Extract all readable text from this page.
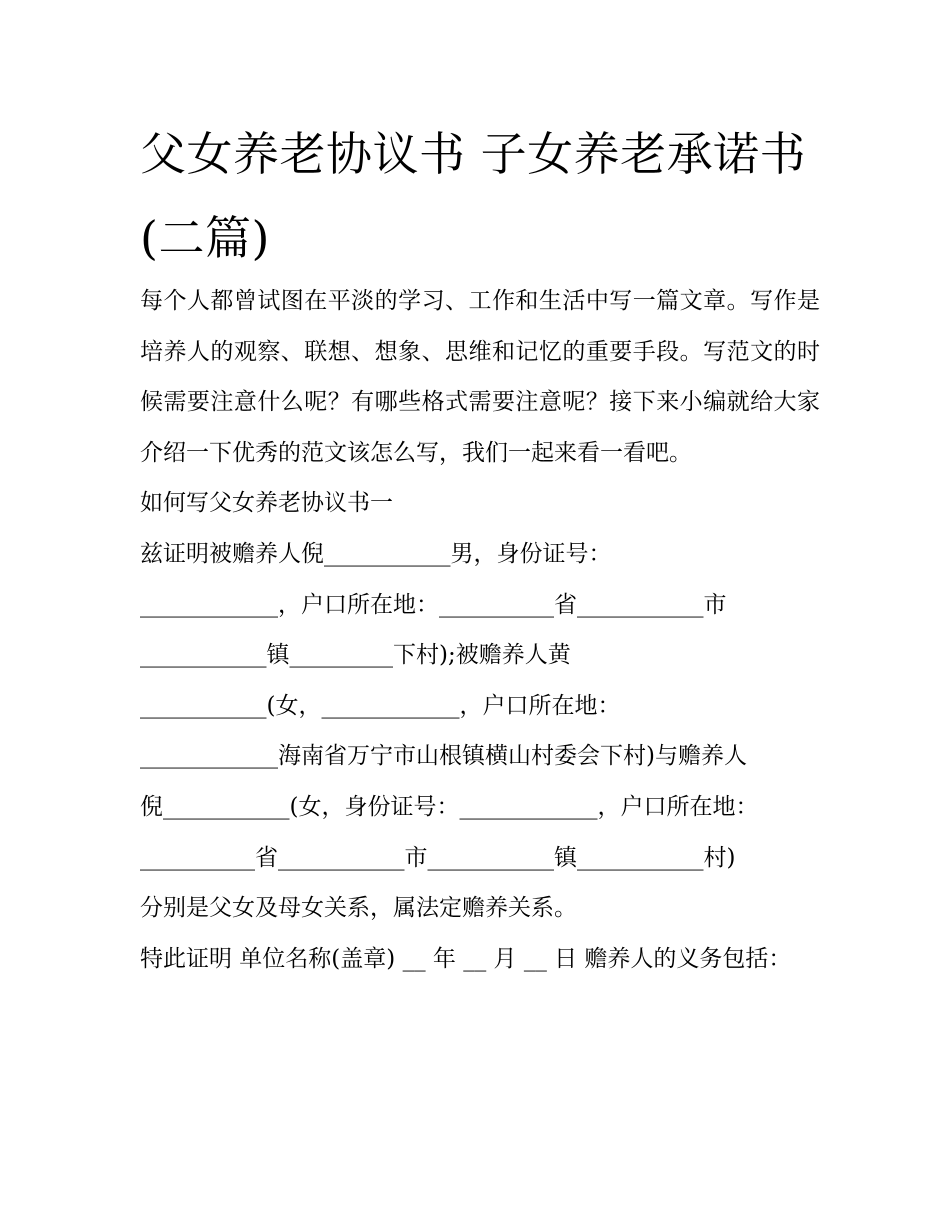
父女养老协议书 子女养老承诺书(二篇)

每个人都曾试图在平淡的学习、工作和生活中写一篇文章。写作是培养人的观察、联想、想象、思维和记忆的重要手段。写范文的时候需要注意什么呢？有哪些格式需要注意呢？接下来小编就给大家介绍一下优秀的范文该怎么写，我们一起来看一看吧。

如何写父女养老协议书一

兹证明被赡养人倪___________男，身份证号：
____________，户口所在地：__________省___________市
___________镇_________下村);被赡养人黄
___________(女，____________，户口所在地：
____________海南省万宁市山根镇横山村委会下村)与赡养人
倪___________(女，身份证号：____________，户口所在地：
__________省___________市___________镇___________村)

分别是父女及母女关系，属法定赡养关系。

特此证明 单位名称(盖章) __ 年 __ 月 __ 日 赡养人的义务包括：
